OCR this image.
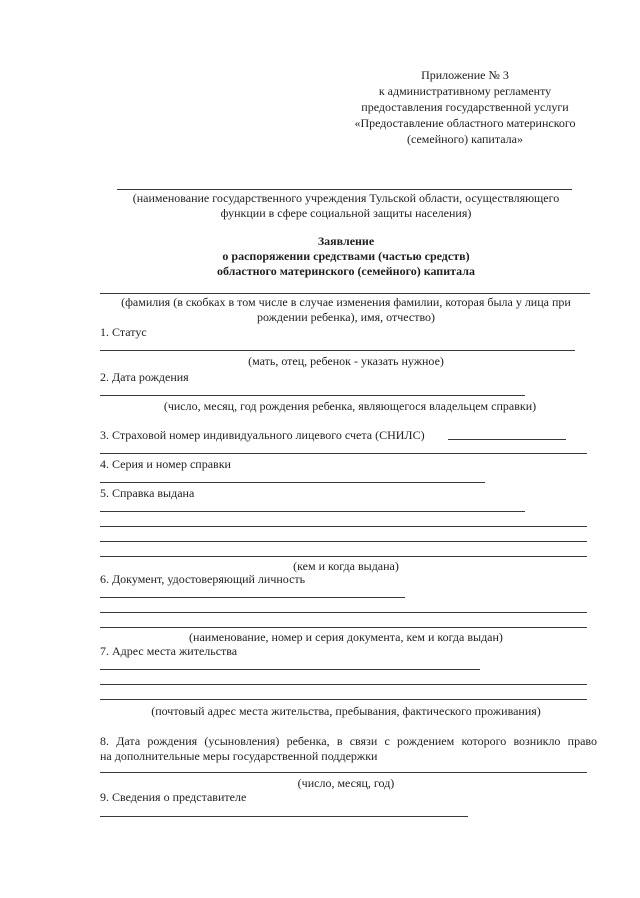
Приложение № 3
к административному регламенту
предоставления государственной услуги
«Предоставление областного материнского
(семейного) капитала»
(наименование государственного учреждения Тульской области, осуществляющего
функции в сфере социальной защиты населения)
Заявление
о распоряжении средствами (частью средств)
областного материнского (семейного) капитала
(фамилия (в скобках в том числе в случае изменения фамилии, которая была у лица при
рождении ребенка), имя, отчество)
1. Статус
(мать, отец, ребенок - указать нужное)
2. Дата рождения
(число, месяц, год рождения ребенка, являющегося владельцем справки)
3. Страховой номер индивидуального лицевого счета (СНИЛС)
4. Серия и номер справки
5. Справка выдана
(кем и когда выдана)
6. Документ, удостоверяющий личность
(наименование, номер и серия документа, кем и когда выдан)
7. Адрес места жительства
(почтовый адрес места жительства, пребывания, фактического проживания)
8. Дата рождения (усыновления) ребенка, в связи с рождением которого возникло право
на дополнительные меры государственной поддержки
(число, месяц, год)
9. Сведения о представителе
